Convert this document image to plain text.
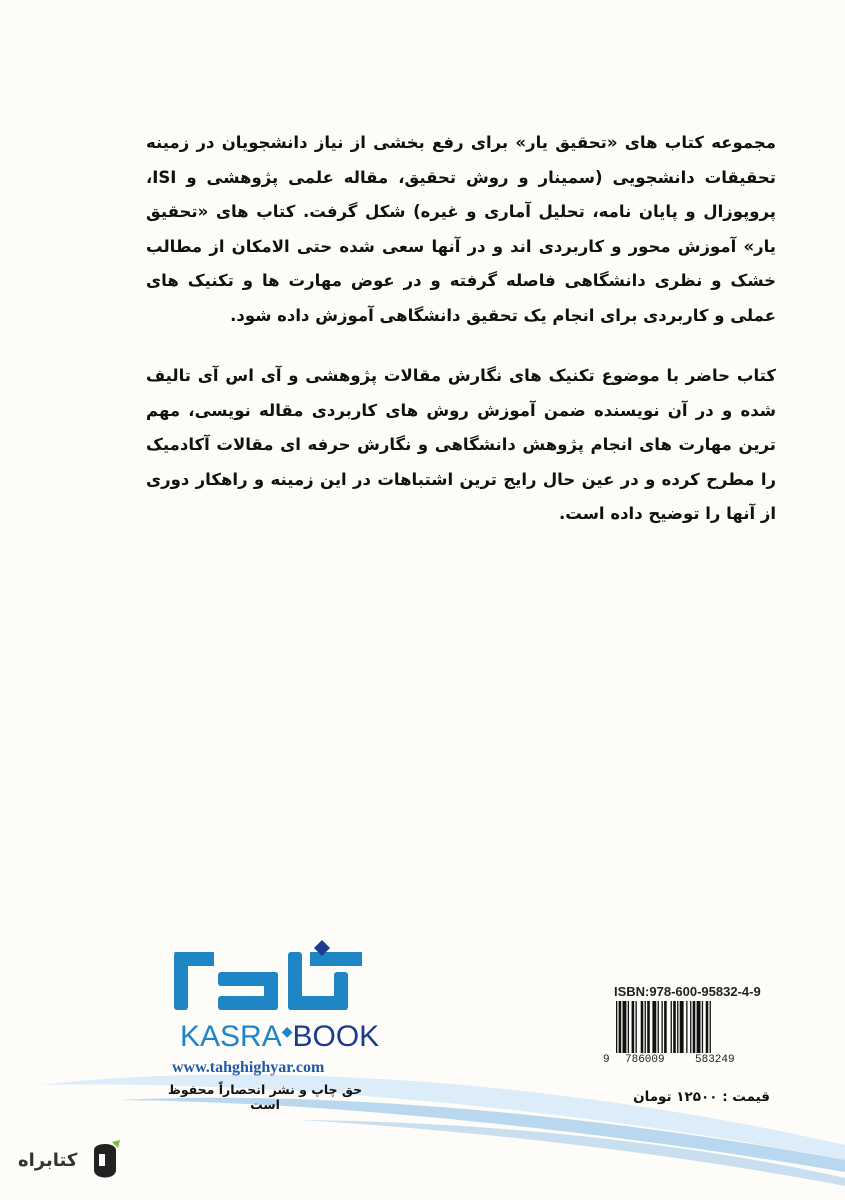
مجموعه کتاب های «تحقیق یار» برای رفع بخشی از نیاز دانشجویان در زمینه تحقیقات دانشجویی (سمینار و روش تحقیق، مقاله علمی پژوهشی و ISI، پروپوزال و پایان نامه، تحلیل آماری و غیره) شکل گرفت. کتاب های «تحقیق یار» آموزش محور و کاربردی اند و در آنها سعی شده حتی الامکان از مطالب خشک و نظری دانشگاهی فاصله گرفته و در عوض مهارت ها و تکنیک های عملی و کاربردی برای انجام یک تحقیق دانشگاهی آموزش داده شود.
کتاب حاضر با موضوع تکنیک های نگارش مقالات پژوهشی و آی اس آی تالیف شده و در آن نویسنده ضمن آموزش روش های کاربردی مقاله نویسی، مهم ترین مهارت های انجام پژوهش دانشگاهی و نگارش حرفه ای مقالات آکادمیک را مطرح کرده و در عین حال رایج ترین اشتباهات در این زمینه و راهکار دوری از آنها را توضیح داده است.
KASRA◆BOOK
www.tahghighyar.com
حق چاپ و نشر انحصاراً محفوظ است
ISBN:978-600-95832-4-9
9 786009	583249
قیمت : ۱۲۵۰۰ تومان
کتابراه
